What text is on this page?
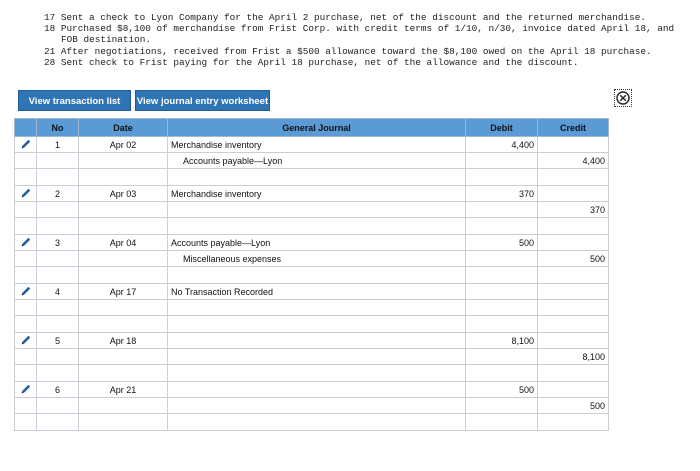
17 Sent a check to Lyon Company for the April 2 purchase, net of the discount and the returned merchandise.
18 Purchased $8,100 of merchandise from Frist Corp. with credit terms of 1/10, n/30, invoice dated April 18, and
FOB destination.
21 After negotiations, received from Frist a $500 allowance toward the $8,100 owed on the April 18 purchase.
28 Sent check to Frist paying for the April 18 purchase, net of the allowance and the discount.
View transaction list	View journal entry worksheet
	No	Date	General Journal	Debit	Credit
	1	Apr 02	Merchandise inventory	4,400	
			Accounts payable—Lyon		4,400

	2	Apr 03	Merchandise inventory	370	
					370

	3	Apr 04	Accounts payable—Lyon	500	
			Miscellaneous expenses		500

	4	Apr 17	No Transaction Recorded		

	5	Apr 18		8,100	
					8,100

	6	Apr 21		500	
					500
